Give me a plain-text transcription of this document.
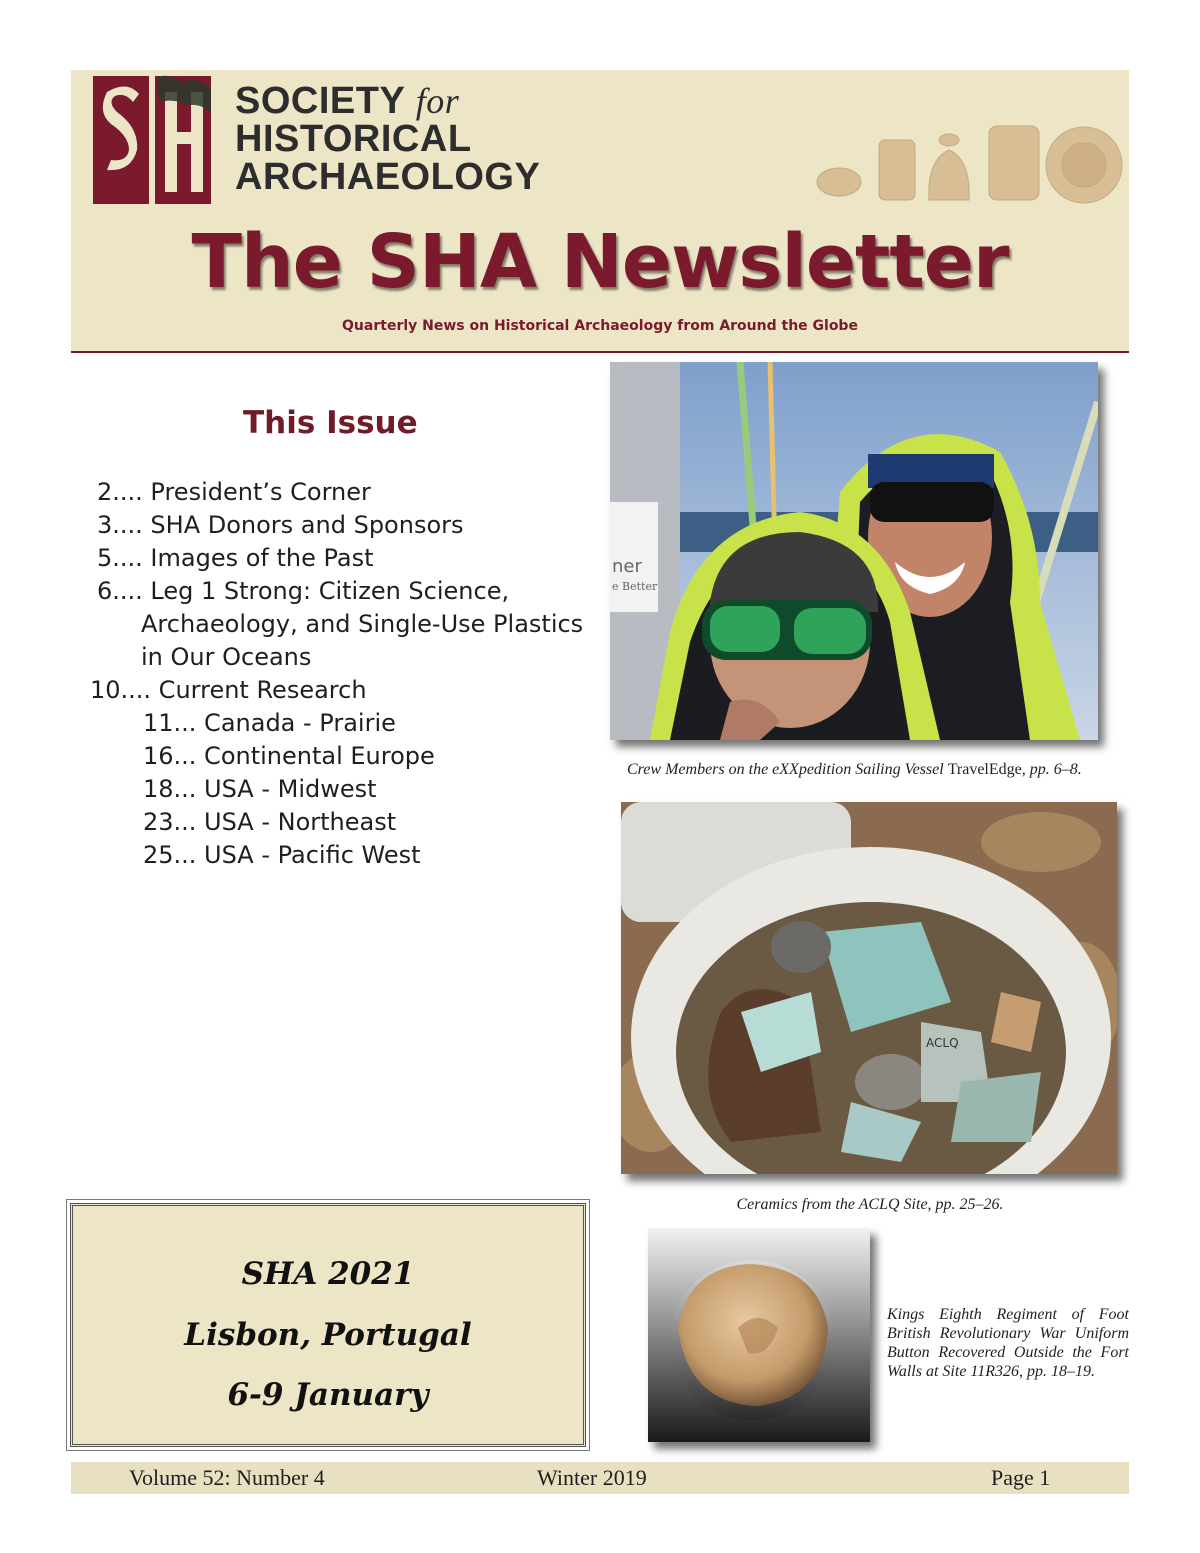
SHA
SOCIETY for
HISTORICAL
ARCHAEOLOGY
The SHA Newsletter
Quarterly News on Historical Archaeology from Around the Globe
This Issue
2.... President’s Corner
3.... SHA Donors and Sponsors
5.... Images of the Past
6.... Leg 1 Strong: Citizen Science,
Archaeology, and Single-Use Plastics
in Our Oceans
10.... Current Research
11... Canada - Prairie
16... Continental Europe
18... USA - Midwest
23... USA - Northeast
25... USA - Pacific West
SHA 2021
Lisbon, Portugal
6-9 January
ner
e Better
Crew Members on the eXXpedition Sailing Vessel TravelEdge, pp. 6–8.
ACLQ
Ceramics from the ACLQ Site, pp. 25–26.
Kings Eighth Regiment of Foot British Revolutionary War Uniform Button Recovered Outside the Fort Walls at Site 11R326, pp. 18–19.
Volume 52: Number 4	Winter 2019	Page 1
